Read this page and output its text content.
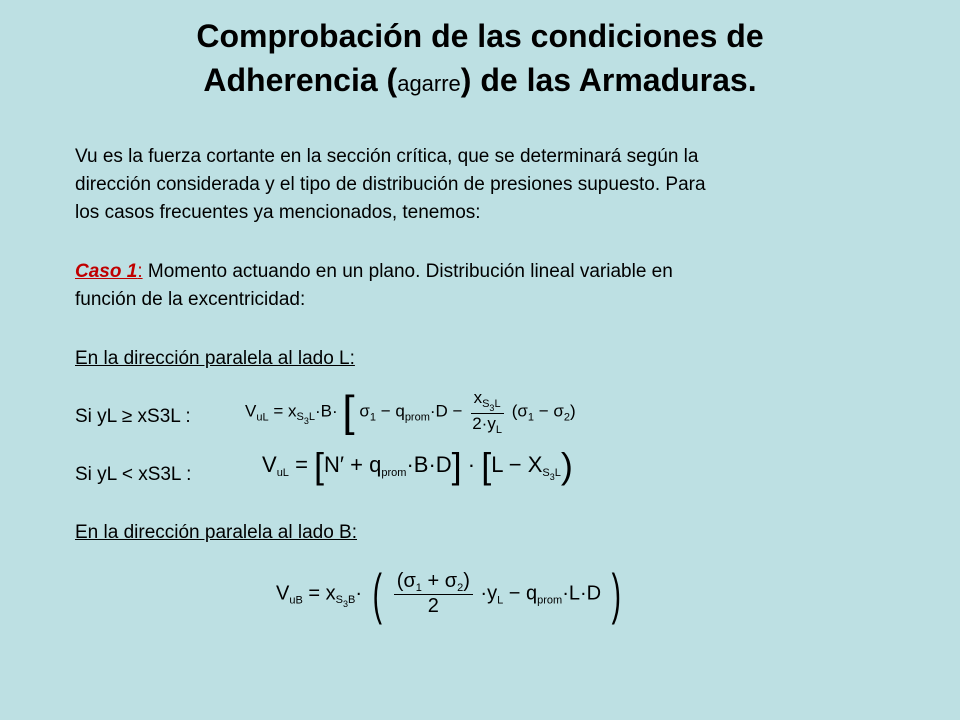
Comprobación de las condiciones de
Adherencia (agarre) de las Armaduras.
Vu es la fuerza cortante en la sección crítica, que se determinará según la
dirección considerada y el tipo de distribución de presiones supuesto. Para
los casos frecuentes ya mencionados, tenemos:
Caso 1: Momento actuando en un plano. Distribución lineal variable en
función de la excentricidad:
En la dirección paralela al lado L:
Si yL ≥ xS3L :	$V_{uL} = x_{S_3L}\cdot B\cdot$ [ $\sigma_1 - q_{prom}\cdot D - \frac{x_{S_3L}}{2\cdot y_L} (\sigma_1 - \sigma_2)$
Si yL < xS3L :	$V_{uL} = [N' + q_{prom}\cdot B\cdot D] \cdot [L - X_{S_3L})$
En la dirección paralela al lado B:
$V_{uB} = x_{S_3B}\cdot$ ( $\frac{(\sigma_1 + \sigma_2)}{2} \cdot y_L - q_{prom}\cdot L\cdot D$ )
